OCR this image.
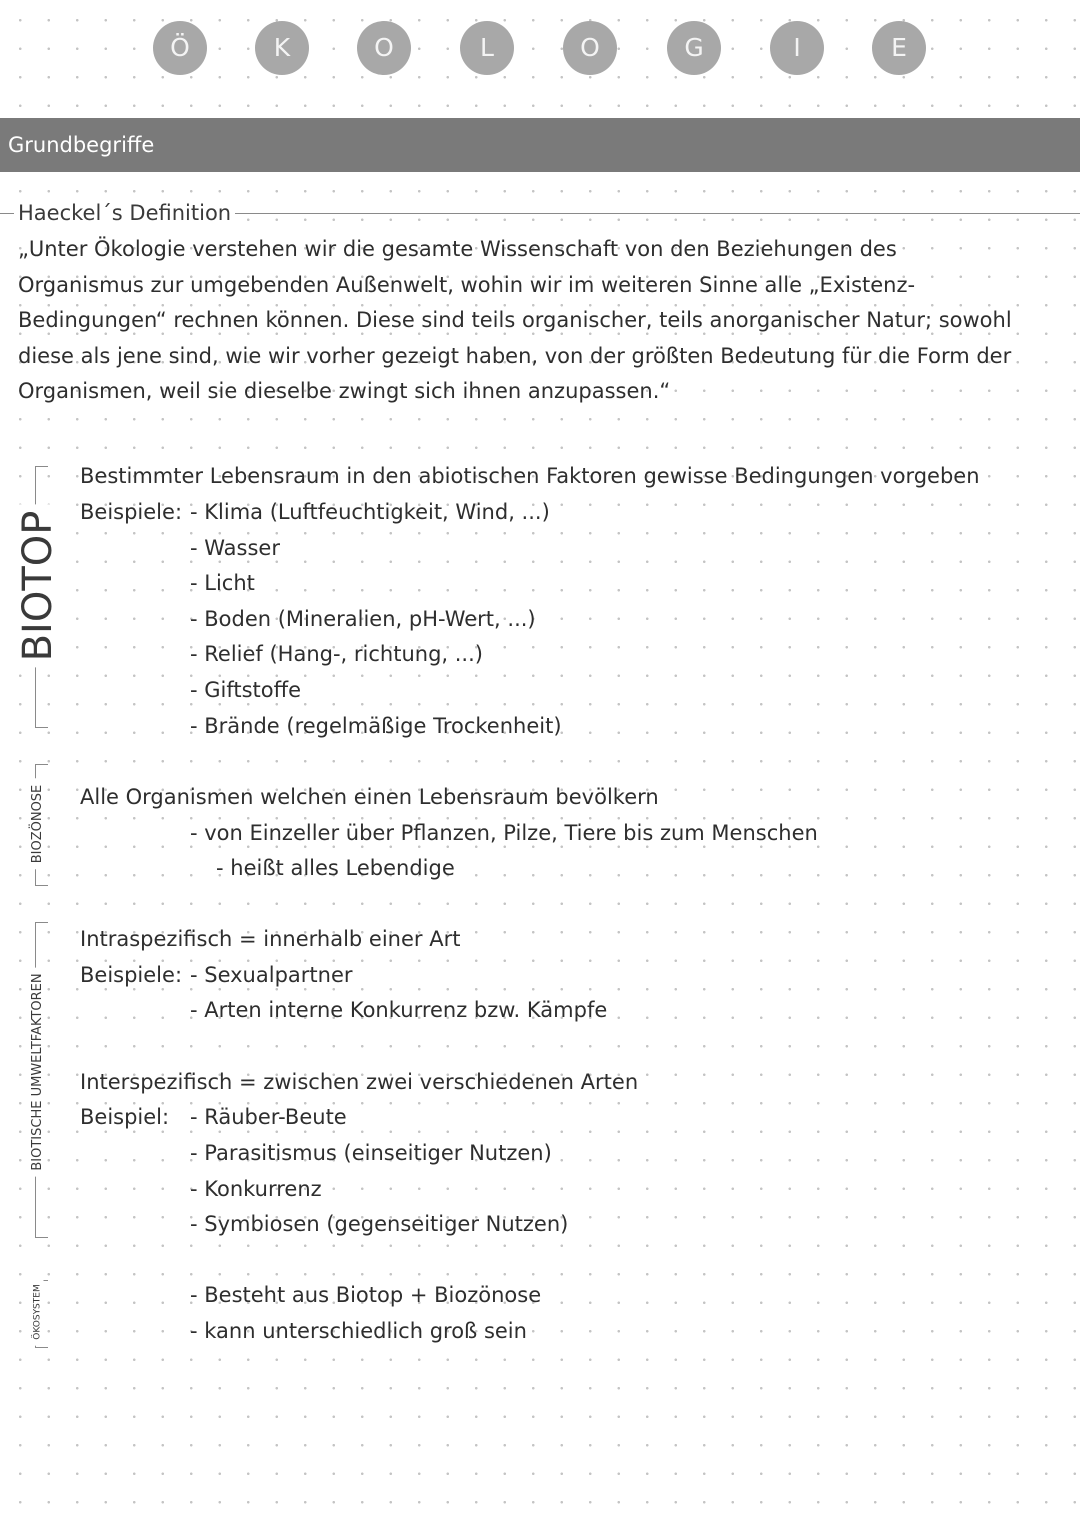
Ö	K	O	L	O	G	I	E
Grundbegriffe
Haeckel´s Definition
„Unter Ökologie verstehen wir die gesamte Wissenschaft von den Beziehungen des
Organismus zur umgebenden Außenwelt, wohin wir im weiteren Sinne alle „Existenz-
Bedingungen“ rechnen können. Diese sind teils organischer, teils anorganischer Natur; sowohl
diese als jene sind, wie wir vorher gezeigt haben, von der größten Bedeutung für die Form der
Organismen, weil sie dieselbe zwingt sich ihnen anzupassen.“
BIOTOP
Bestimmter Lebensraum in den abiotischen Faktoren gewisse Bedingungen vorgeben
Beispiele: - Klima (Luftfeuchtigkeit, Wind, ...)
- Wasser
- Licht
- Boden (Mineralien, pH-Wert, ...)
- Relief (Hang-, richtung, ...)
- Giftstoffe
- Brände (regelmäßige Trockenheit)
BIOZÖNOSE Alle Organismen welchen einen Lebensraum bevölkern
- von Einzeller über Pflanzen, Pilze, Tiere bis zum Menschen
- heißt alles Lebendige
BIOTISCHE UMWELTFAKTOREN
Intraspezifisch = innerhalb einer Art
Beispiele: - Sexualpartner
- Arten interne Konkurrenz bzw. Kämpfe
Interspezifisch = zwischen zwei verschiedenen Arten
Beispiel: - Räuber-Beute
- Parasitismus (einseitiger Nutzen)
- Konkurrenz
- Symbiosen (gegenseitiger Nutzen)
ÖKOSYSTEM	- Besteht aus Biotop + Biozönose
- kann unterschiedlich groß sein
